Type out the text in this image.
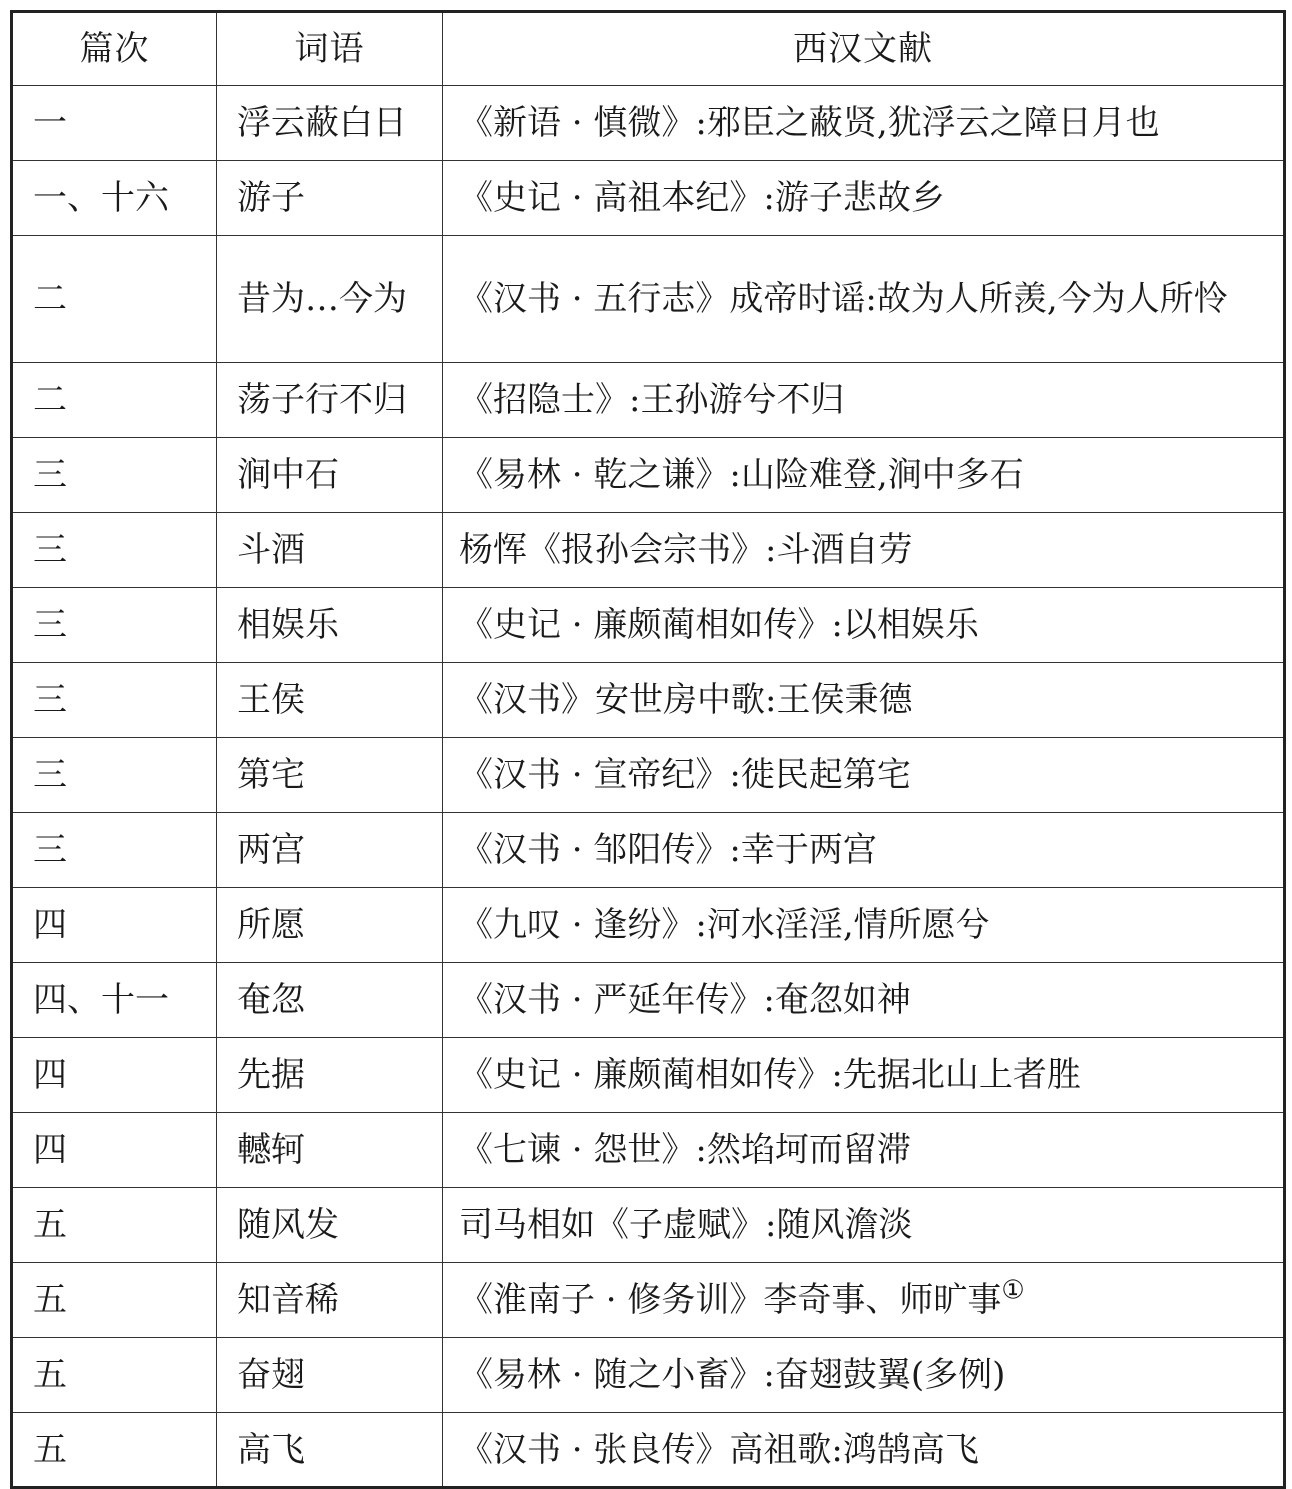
篇次	词语	西汉文献
一	浮云蔽白日	《新语 · 慎微》:邪臣之蔽贤,犹浮云之障日月也
一、十六	游子	《史记 · 高祖本纪》:游子悲故乡
二	昔为…今为	《汉书 · 五行志》成帝时谣:故为人所羡,今为人所怜
二	荡子行不归	《招隐士》:王孙游兮不归
三	涧中石	《易林 · 乾之谦》:山险难登,涧中多石
三	斗酒	杨恽《报孙会宗书》:斗酒自劳
三	相娱乐	《史记 · 廉颇蔺相如传》:以相娱乐
三	王侯	《汉书》安世房中歌:王侯秉德
三	第宅	《汉书 · 宣帝纪》:徙民起第宅
三	两宫	《汉书 · 邹阳传》:幸于两宫
四	所愿	《九叹 · 逢纷》:河水淫淫,情所愿兮
四、十一	奄忽	《汉书 · 严延年传》:奄忽如神
四	先据	《史记 · 廉颇蔺相如传》:先据北山上者胜
四	轗轲	《七谏 · 怨世》:然埳坷而留滞
五	随风发	司马相如《子虚赋》:随风澹淡
五	知音稀	《淮南子 · 修务训》李奇事、师旷事①
五	奋翅	《易林 · 随之小畜》:奋翅鼓翼(多例)
五	高飞	《汉书 · 张良传》高祖歌:鸿鹄高飞
